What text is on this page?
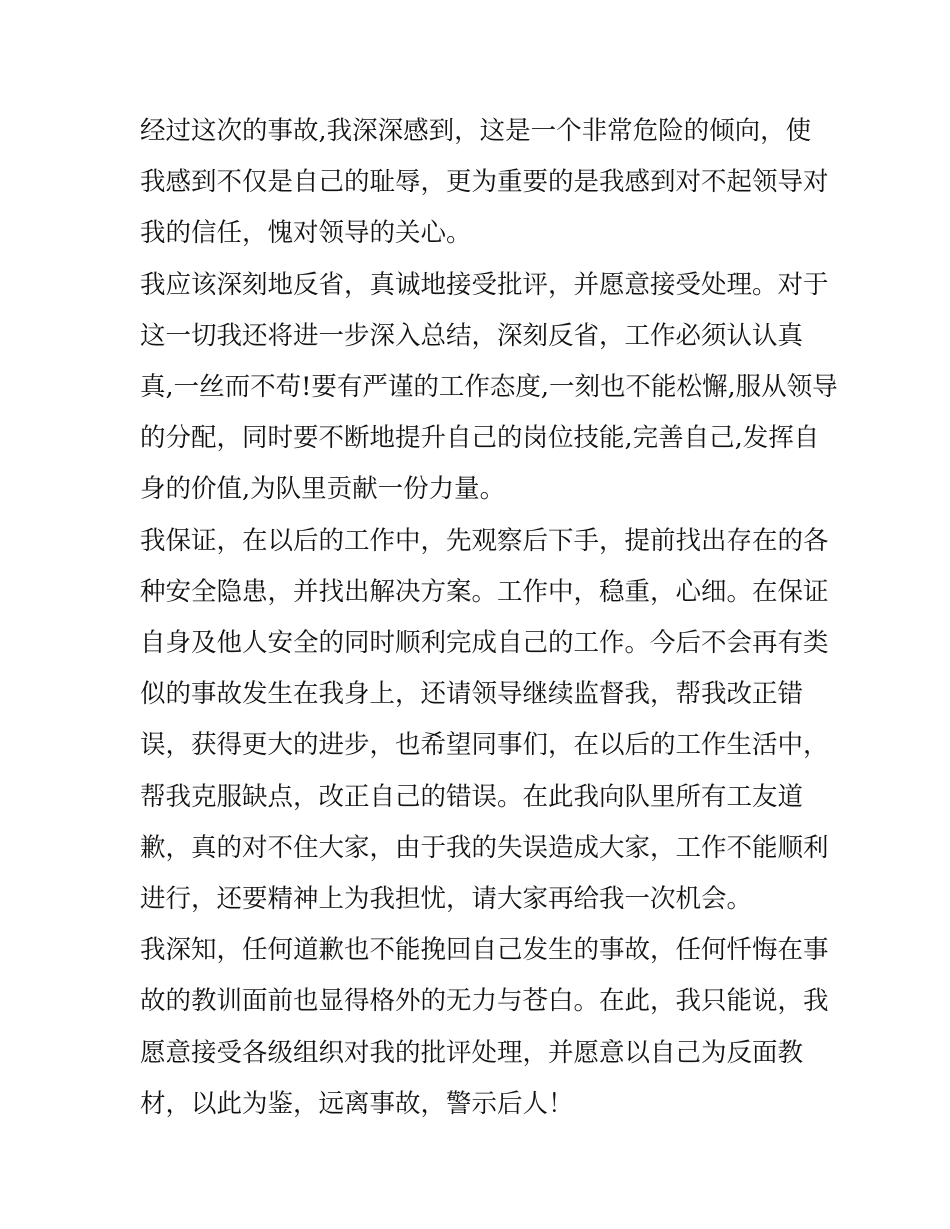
经过这次的事故,我深深感到，这是一个非常危险的倾向，使
我感到不仅是自己的耻辱，更为重要的是我感到对不起领导对
我的信任，愧对领导的关心。

我应该深刻地反省，真诚地接受批评，并愿意接受处理。对于
这一切我还将进一步深入总结，深刻反省，工作必须认认真
真,一丝而不苟!要有严谨的工作态度,一刻也不能松懈,服从领导
的分配，同时要不断地提升自己的岗位技能,完善自己,发挥自
身的价值,为队里贡献一份力量。

我保证，在以后的工作中，先观察后下手，提前找出存在的各
种安全隐患，并找出解决方案。工作中，稳重，心细。在保证
自身及他人安全的同时顺利完成自己的工作。今后不会再有类
似的事故发生在我身上，还请领导继续监督我，帮我改正错
误，获得更大的进步，也希望同事们，在以后的工作生活中，
帮我克服缺点，改正自己的错误。在此我向队里所有工友道
歉，真的对不住大家，由于我的失误造成大家，工作不能顺利
进行，还要精神上为我担忧，请大家再给我一次机会。

我深知，任何道歉也不能挽回自己发生的事故，任何忏悔在事
故的教训面前也显得格外的无力与苍白。在此，我只能说，我
愿意接受各级组织对我的批评处理，并愿意以自己为反面教
材，以此为鉴，远离事故，警示后人！
